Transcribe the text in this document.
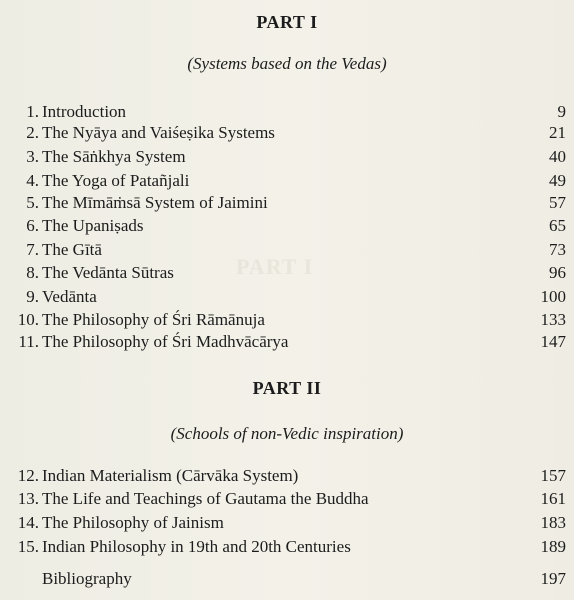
PART I
PART I
(Systems based on the Vedas)
1. Introduction	9
2. The Nyāya and Vaiśeṣika Systems	21
3. The Sāṅkhya System	40
4. The Yoga of Patañjali	49
5. The Mīmāṁsā System of Jaimini	57
6. The Upaniṣads	65
7. The Gītā	73
8. The Vedānta Sūtras	96
9. Vedānta	100
10. The Philosophy of Śri Rāmānuja	133
11. The Philosophy of Śri Madhvācārya	147
PART II
(Schools of non-Vedic inspiration)
12. Indian Materialism (Cārvāka System)	157
13. The Life and Teachings of Gautama the Buddha	161
14. The Philosophy of Jainism	183
15. Indian Philosophy in 19th and 20th Centuries	189
Bibliography	197
